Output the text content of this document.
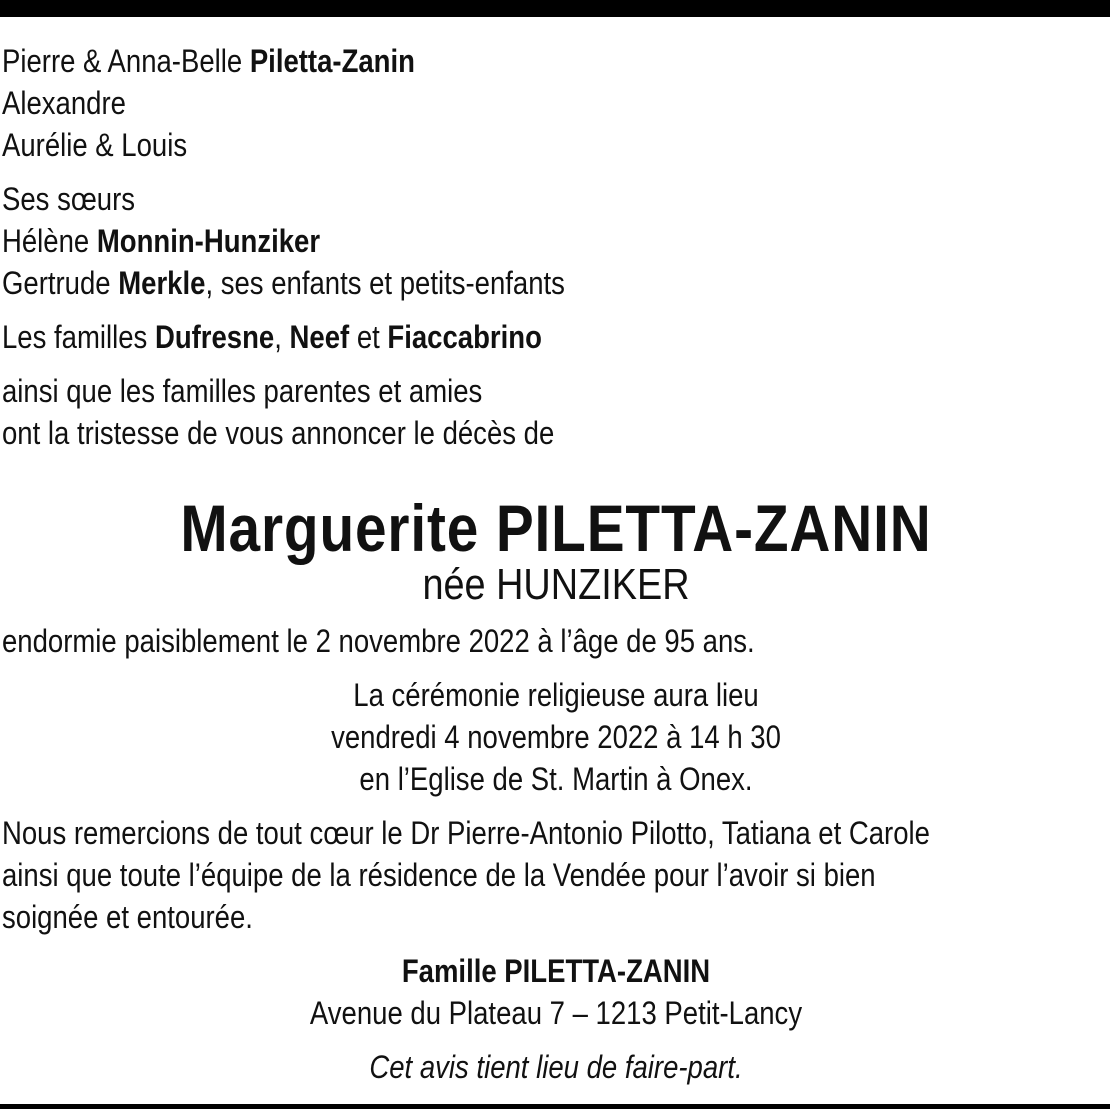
Pierre & Anna-Belle Piletta-Zanin
Alexandre
Aurélie & Louis
Ses sœurs
Hélène Monnin-Hunziker
Gertrude Merkle, ses enfants et petits-enfants
Les familles Dufresne, Neef et Fiaccabrino
ainsi que les familles parentes et amies
ont la tristesse de vous annoncer le décès de
Marguerite PILETTA-ZANIN
née HUNZIKER
endormie paisiblement le 2 novembre 2022 à l’âge de 95 ans.
La cérémonie religieuse aura lieu
vendredi 4 novembre 2022 à 14 h 30
en l’Eglise de St. Martin à Onex.
Nous remercions de tout cœur le Dr Pierre-Antonio Pilotto, Tatiana et Carole
ainsi que toute l’équipe de la résidence de la Vendée pour l’avoir si bien
soignée et entourée.
Famille PILETTA-ZANIN
Avenue du Plateau 7 – 1213 Petit-Lancy
Cet avis tient lieu de faire-part.
